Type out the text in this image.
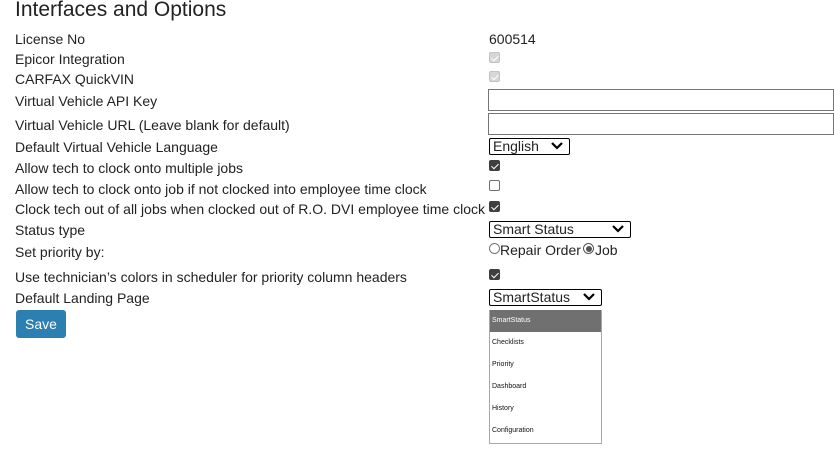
Interfaces and Options
License No	600514
Epicor Integration
CARFAX QuickVIN
Virtual Vehicle API Key
Virtual Vehicle URL (Leave blank for default)
Default Virtual Vehicle Language	English
Allow tech to clock onto multiple jobs
Allow tech to clock onto job if not clocked into employee time clock
Clock tech out of all jobs when clocked out of R.O. DVI employee time clock
Status type	Smart Status
Set priority by:	Repair Order Job
Use technician’s colors in scheduler for priority column headers
Default Landing Page	SmartStatus
SmartStatus
Checklists
Priority
Dashboard
History
Configuration
Save
